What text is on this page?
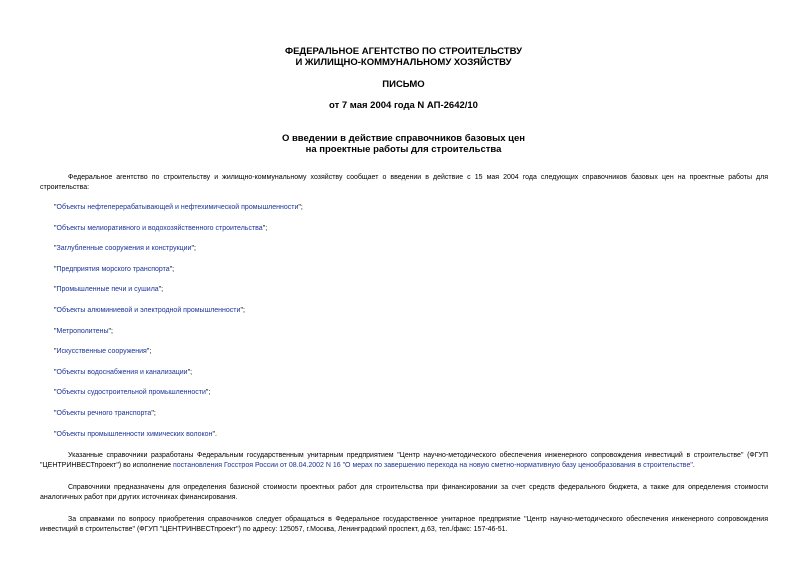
ФЕДЕРАЛЬНОЕ АГЕНТСТВО ПО СТРОИТЕЛЬСТВУ
И ЖИЛИЩНО-КОММУНАЛЬНОМУ ХОЗЯЙСТВУ
ПИСЬМО
от 7 мая 2004 года N АП-2642/10
О введении в действие справочников базовых цен
на проектные работы для строительства

Федеральное агентство по строительству и жилищно-коммунальному хозяйству сообщает о введении в действие с 15 мая 2004 года следующих справочников базовых цен на проектные работы для строительства:

"Объекты нефтеперерабатывающей и нефтехимической промышленности";
"Объекты мелиоративного и водохозяйственного строительства";
"Заглубленные сооружения и конструкции";
"Предприятия морского транспорта";
"Промышленные печи и сушила";
"Объекты алюминиевой и электродной промышленности";
"Метрополитены";
"Искусственные сооружения";
"Объекты водоснабжения и канализации";
"Объекты судостроительной промышленности";
"Объекты речного транспорта";
"Объекты промышленности химических волокон".

Указанные справочники разработаны Федеральным государственным унитарным предприятием "Центр научно-методического обеспечения инженерного сопровождения инвестиций в строительстве" (ФГУП "ЦЕНТРИНВЕСТпроект") во исполнение постановления Госстроя России от 08.04.2002 N 16 "О мерах по завершению перехода на новую сметно-нормативную базу ценообразования в строительстве".

Справочники предназначены для определения базисной стоимости проектных работ для строительства при финансировании за счет средств федерального бюджета, а также для определения стоимости аналогичных работ при других источниках финансирования.

За справками по вопросу приобретения справочников следует обращаться в Федеральное государственное унитарное предприятие "Центр научно-методического обеспечения инженерного сопровождения инвестиций в строительстве" (ФГУП "ЦЕНТРИНВЕСТпроект") по адресу: 125057, г.Москва, Ленинградский проспект, д.63, тел./факс: 157-46-51.
